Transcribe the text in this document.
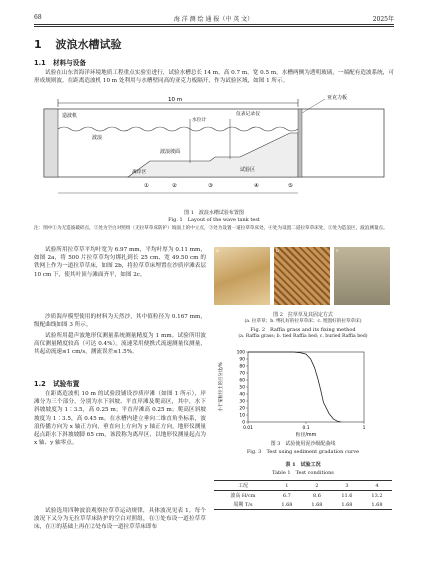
68	海 洋 测 绘 通 报（中 英 文）	2025年
1 波浪水槽试验
1.1 材料与设备
试验在山东省海洋环境地质工程重点实验室进行，试验水槽总长 14 m，高 0.7 m，宽 0.5 m，水槽两侧为透明玻璃，一端配有造波系统，可形成规则波。在距离造波机 10 m 处利用与水槽壁同高的亚克力板隔开，作为试验区域，如图 1 所示。
10 m
造波机
波浪
波浪坡面
离岸区	试验区
水位计
仪表记录仪
①	②	③	④	⑤
亚克力板
图 1　波浪水槽试验布置图
Fig. 1　Layout of the wave tank test
注：图中①为无造波破碎点，②处为空白对照组（无拉草草床防护）坡面上的中立点，③处为设置一道拉草草床处，④处为设置二道拉草草床处，⑤处为造浪区，波浪测量点。
试验所用拉草草平均叶宽为 6.97 mm，平均叶厚为 0.11 mm，如图 2a，将 500 片拉草草均匀绑扎到长 25 cm、宽 49.50 cm 的铁网上作为一道拉草草床，如图 2b，将拉草草床埋置在沙质岸滩表层 10 cm 下，使其叶顶与滩面齐平，如图 2c。
沙质海岸模型使用的材料为天然沙，其中值粒径为 0.167 mm，级配曲线如图 3 所示。
试验所用超声波地形仪测量系统测量精度为 1 mm。试验所用波高仪测量精度较高（可达 0.4%）。流速采用便携式流速测量仪测量，其起动流速≤1 cm/s，测流误差≤1.5%。
1.2 试验布置
在距离造波机 10 m 的试验段铺设沙质岸滩（如图 1 所示），岸滩分为三个部分，分别为水下斜坡、平直岸滩及爬高区，其中，水下斜坡坡度为 1∶3.5，高 0.25 m；平直岸滩高 0.25 m；爬高区斜坡坡度为 1∶3.5，高 0.45 m。在水槽内建立垂向二维直角坐标系，波浪传播方向为 x 轴正方向，垂直向上方向为 y 轴正方向，地形仪测量起点距水下斜坡坡脚 65 cm，该段称为离岸区，以地形仪测量起点为 x 轴、y 轴零点。
试验选用四种波浪观察拉草草运动规律，具体波况见表 1。每个波况下又分为无拉草草床防护的空白对照组，在①处布设一道拉草草床，在①的基础上再在②处布设一道拉草草床即布
a	b	c
图 2　拉草草及其固定方式
(a. 拉草草；b. 绑扎好的拉草草床；c. 埋置好的拉草草床)
Fig. 2　Raffia grass and its fixing method
(a. Raffia grass; b. tied Raffia bed; c. buried Raffia bed)
0
10
20
30
40
50
60
70
80
90
100
0.01	0.1	1
粒径/mm
小于某粒径土的百分比/%
图 3　试验使用泥沙级配曲线
Fig. 3　Test using sediment gradation curve
表 1　试验工况
Table 1　Test conditions
工况	1	2	3	4
波高 H/cm	6.7	8.6	11.6	13.2
周期 T/s	1.68	1.68	1.68	1.68
